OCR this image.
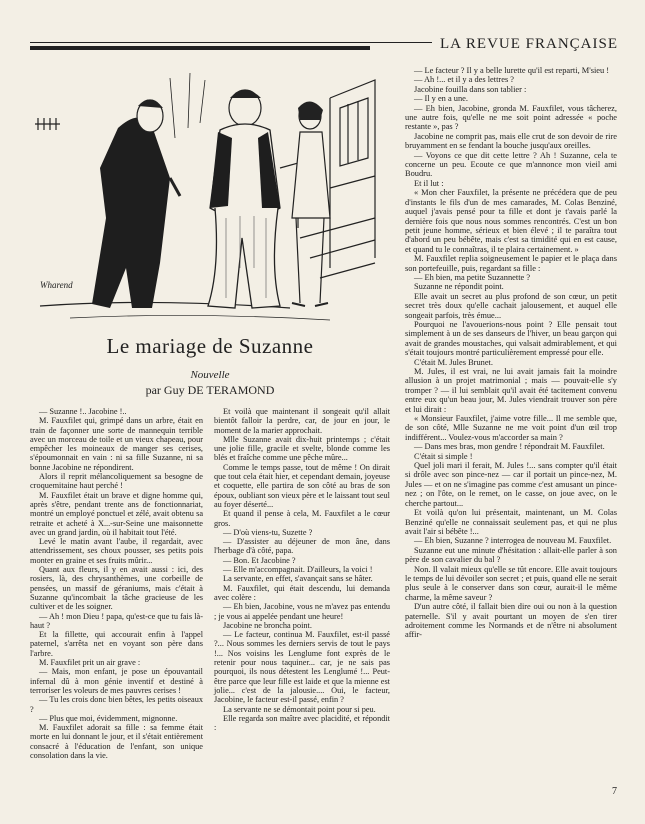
LA REVUE FRANÇAISE
Wharend
Le mariage de Suzanne
Nouvelle
par Guy DE TERAMOND

— Suzanne !.. Jacobine !..

M. Fauxfilet qui, grimpé dans un arbre, était en train de façonner une sorte de mannequin terrible avec un morceau de toile et un vieux chapeau, pour empêcher les moineaux de manger ses cerises, s'époumonnait en vain : ni sa fille Suzanne, ni sa bonne Jacobine ne répondirent.

Alors il reprit mélancoliquement sa besogne de croquemitaine haut perché !

M. Fauxfilet était un brave et digne homme qui, après s'être, pendant trente ans de fonctionnariat, montré un employé ponctuel et zélé, avait obtenu sa retraite et acheté à X...-sur-Seine une maisonnette avec un grand jardin, où il habitait tout l'été.

Levé le matin avant l'aube, il regardait, avec attendrissement, ses choux pousser, ses petits pois monter en graine et ses fruits mûrir...

Quant aux fleurs, il y en avait aussi : ici, des rosiers, là, des chrysanthèmes, une corbeille de pensées, un massif de géraniums, mais c'était à Suzanne qu'incombait la tâche gracieuse de les cultiver et de les soigner.

— Ah ! mon Dieu ! papa, qu'est-ce que tu fais là-haut ?

Et la fillette, qui accourait enfin à l'appel paternel, s'arrêta net en voyant son père dans l'arbre.

M. Fauxfilet prit un air grave :

— Mais, mon enfant, je pose un épouvantail infernal dû à mon génie inventif et destiné à terroriser les voleurs de mes pauvres cerises !

— Tu les crois donc bien bêtes, les petits oiseaux ?

— Plus que moi, évidemment, mignonne.

M. Fauxfilet adorait sa fille : sa femme était morte en lui donnant le jour, et il s'était entièrement consacré à l'éducation de l'enfant, son unique consolation dans la vie.

Et voilà que maintenant il songeait qu'il allait bientôt falloir la perdre, car, de jour en jour, le moment de la marier approchait.

Mlle Suzanne avait dix-huit printemps ; c'était une jolie fille, gracile et svelte, blonde comme les blés et fraîche comme une pêche mûre...

Comme le temps passe, tout de même ! On dirait que tout cela était hier, et cependant demain, joyeuse et coquette, elle partira de son côté au bras de son époux, oubliant son vieux père et le laissant tout seul au foyer déserté...

Et quand il pense à cela, M. Fauxfilet a le cœur gros.

— D'où viens-tu, Suzette ?

— D'assister au déjeuner de mon âne, dans l'herbage d'à côté, papa.

— Bon. Et Jacobine ?

— Elle m'accompagnait. D'ailleurs, la voici !

La servante, en effet, s'avançait sans se hâter.

M. Fauxfilet, qui était descendu, lui demanda avec colère :

— Eh bien, Jacobine, vous ne m'avez pas entendu ; je vous ai appelée pendant une heure!

Jacobine ne broncha point.

— Le facteur, continua M. Fauxfilet, est-il passé ?... Nous sommes les derniers servis de tout le pays !... Nos voisins les Lenglume font exprès de le retenir pour nous taquiner... car, je ne sais pas pourquoi, ils nous détestent les Lenglumé !... Peut-être parce que leur fille est laide et que la mienne est jolie... c'est de la jalousie.... Oui, le facteur, Jacobine, le facteur est-il passé, enfin ?

La servante ne se démontait point pour si peu.

Elle regarda son maître avec placidité, et répondit :

— Le facteur ? Il y a belle lurette qu'il est reparti, M'sieu !

— Ah !... et il y a des lettres ?

Jacobine fouilla dans son tablier :

— Il y en a une.

— Eh bien, Jacobine, gronda M. Fauxfilet, vous tâcherez, une autre fois, qu'elle ne me soit point adressée « poche restante », pas ?

Jacobine ne comprit pas, mais elle crut de son devoir de rire bruyamment en se fendant la bouche jusqu'aux oreilles.

— Voyons ce que dit cette lettre ? Ah ! Suzanne, cela te concerne un peu. Ecoute ce que m'annonce mon vieil ami Boudru.

Et il lut :

« Mon cher Fauxfilet, la présente ne précédera que de peu d'instants le fils d'un de mes camarades, M. Colas Benziné, auquel j'avais pensé pour ta fille et dont je t'avais parlé la dernière fois que nous nous sommes rencontrés. C'est un bon petit jeune homme, sérieux et bien élevé ; il te paraîtra tout d'abord un peu bébête, mais c'est sa timidité qui en est cause, et quand tu le connaîtras, il te plaira certainement. »

M. Fauxfilet replia soigneusement le papier et le plaça dans son portefeuille, puis, regardant sa fille :

— Eh bien, ma petite Suzannette ?

Suzanne ne répondit point.

Elle avait un secret au plus profond de son cœur, un petit secret très doux qu'elle cachait jalousement, et auquel elle songeait parfois, très émue...

Pourquoi ne l'avouerions-nous point ? Elle pensait tout simplement à un de ses danseurs de l'hiver, un beau garçon qui avait de grandes moustaches, qui valsait admirablement, et qui s'était toujours montré particulièrement empressé pour elle.

C'était M. Jules Brunet.

M. Jules, il est vrai, ne lui avait jamais fait la moindre allusion à un projet matrimonial ; mais — pouvait-elle s'y tromper ? — il lui semblait qu'il avait été tacitement convenu entre eux qu'un beau jour, M. Jules viendrait trouver son père et lui dirait :

« Monsieur Fauxfilet, j'aime votre fille... Il me semble que, de son côté, Mlle Suzanne ne me voit point d'un œil trop indifférent... Voulez-vous m'accorder sa main ?

— Dans mes bras, mon gendre ! répondrait M. Fauxfilet.

C'était si simple !

Quel joli mari il ferait, M. Jules !... sans compter qu'il était si drôle avec son pince-nez — car il portait un pince-nez, M. Jules — et on ne s'imagine pas comme c'est amusant un pince-nez ; on l'ôte, on le remet, on le casse, on joue avec, on le cherche partout...

Et voilà qu'on lui présentait, maintenant, un M. Colas Benziné qu'elle ne connaissait seulement pas, et qui ne plus avait l'air si bébête !...

— Eh bien, Suzanne ? interrogea de nouveau M. Fauxfilet.

Suzanne eut une minute d'hésitation : allait-elle parler à son père de son cavalier du bal ?

Non. Il valait mieux qu'elle se tût encore. Elle avait toujours le temps de lui dévoiler son secret ; et puis, quand elle ne serait plus seule à le conserver dans son cœur, aurait-il le même charme, la même saveur ?

D'un autre côté, il fallait bien dire oui ou non à la question paternelle. S'il y avait pourtant un moyen de s'en tirer adroitement comme les Normands et de n'être ni absolument affir-

7
